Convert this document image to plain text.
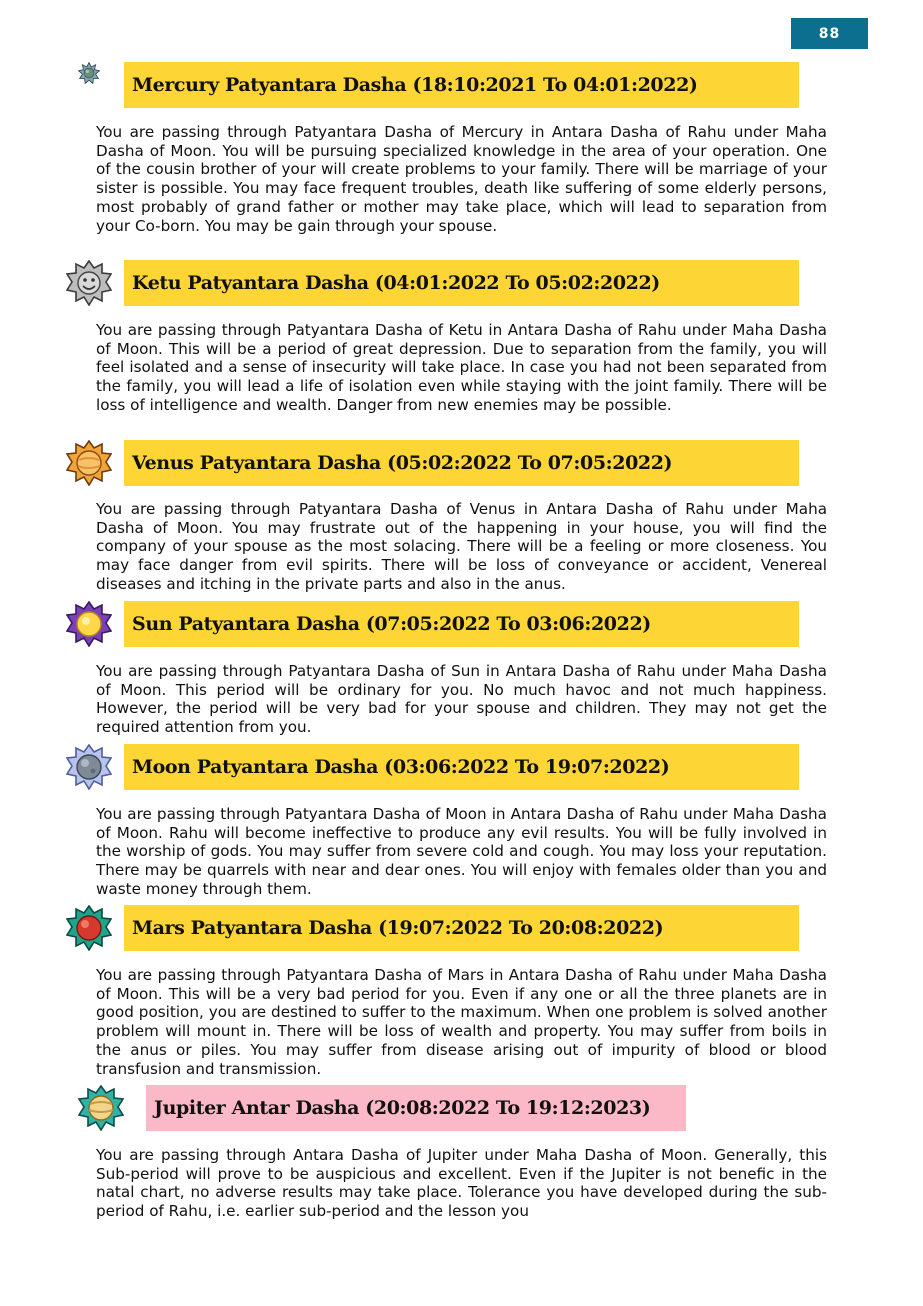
88
Mercury Patyantara Dasha (18:10:2021 To 04:01:2022)

You are passing through Patyantara Dasha of Mercury in Antara Dasha of Rahu under Maha Dasha of Moon. You will be pursuing specialized knowledge in the area of your operation. One of the cousin brother of your will create problems to your family. There will be marriage of your sister is possible. You may face frequent troubles, death like suffering of some elderly persons, most probably of grand father or mother may take place, which will lead to separation from your Co-born. You may be gain through your spouse.

Ketu Patyantara Dasha (04:01:2022 To 05:02:2022)

You are passing through Patyantara Dasha of Ketu in Antara Dasha of Rahu under Maha Dasha of Moon. This will be a period of great depression. Due to separation from the family, you will feel isolated and a sense of insecurity will take place. In case you had not been separated from the family, you will lead a life of isolation even while staying with the joint family. There will be loss of intelligence and wealth. Danger from new enemies may be possible.

Venus Patyantara Dasha (05:02:2022 To 07:05:2022)

You are passing through Patyantara Dasha of Venus in Antara Dasha of Rahu under Maha Dasha of Moon. You may frustrate out of the happening in your house, you will find the company of your spouse as the most solacing. There will be a feeling or more closeness. You may face danger from evil spirits. There will be loss of conveyance or accident, Venereal diseases and itching in the private parts and also in the anus.

Sun Patyantara Dasha (07:05:2022 To 03:06:2022)

You are passing through Patyantara Dasha of Sun in Antara Dasha of Rahu under Maha Dasha of Moon. This period will be ordinary for you. No much havoc and not much happiness. However, the period will be very bad for your spouse and children. They may not get the required attention from you.

Moon Patyantara Dasha (03:06:2022 To 19:07:2022)

You are passing through Patyantara Dasha of Moon in Antara Dasha of Rahu under Maha Dasha of Moon. Rahu will become ineffective to produce any evil results. You will be fully involved in the worship of gods. You may suffer from severe cold and cough. You may loss your reputation. There may be quarrels with near and dear ones. You will enjoy with females older than you and waste money through them.

Mars Patyantara Dasha (19:07:2022 To 20:08:2022)

You are passing through Patyantara Dasha of Mars in Antara Dasha of Rahu under Maha Dasha of Moon. This will be a very bad period for you. Even if any one or all the three planets are in good position, you are destined to suffer to the maximum. When one problem is solved another problem will mount in. There will be loss of wealth and property. You may suffer from boils in the anus or piles. You may suffer from disease arising out of impurity of blood or blood transfusion and transmission.

Jupiter Antar Dasha (20:08:2022 To 19:12:2023)

You are passing through Antara Dasha of Jupiter under Maha Dasha of Moon. Generally, this Sub-period will prove to be auspicious and excellent. Even if the Jupiter is not benefic in the natal chart, no adverse results may take place. Tolerance you have developed during the sub-period of Rahu, i.e. earlier sub-period and the lesson you
